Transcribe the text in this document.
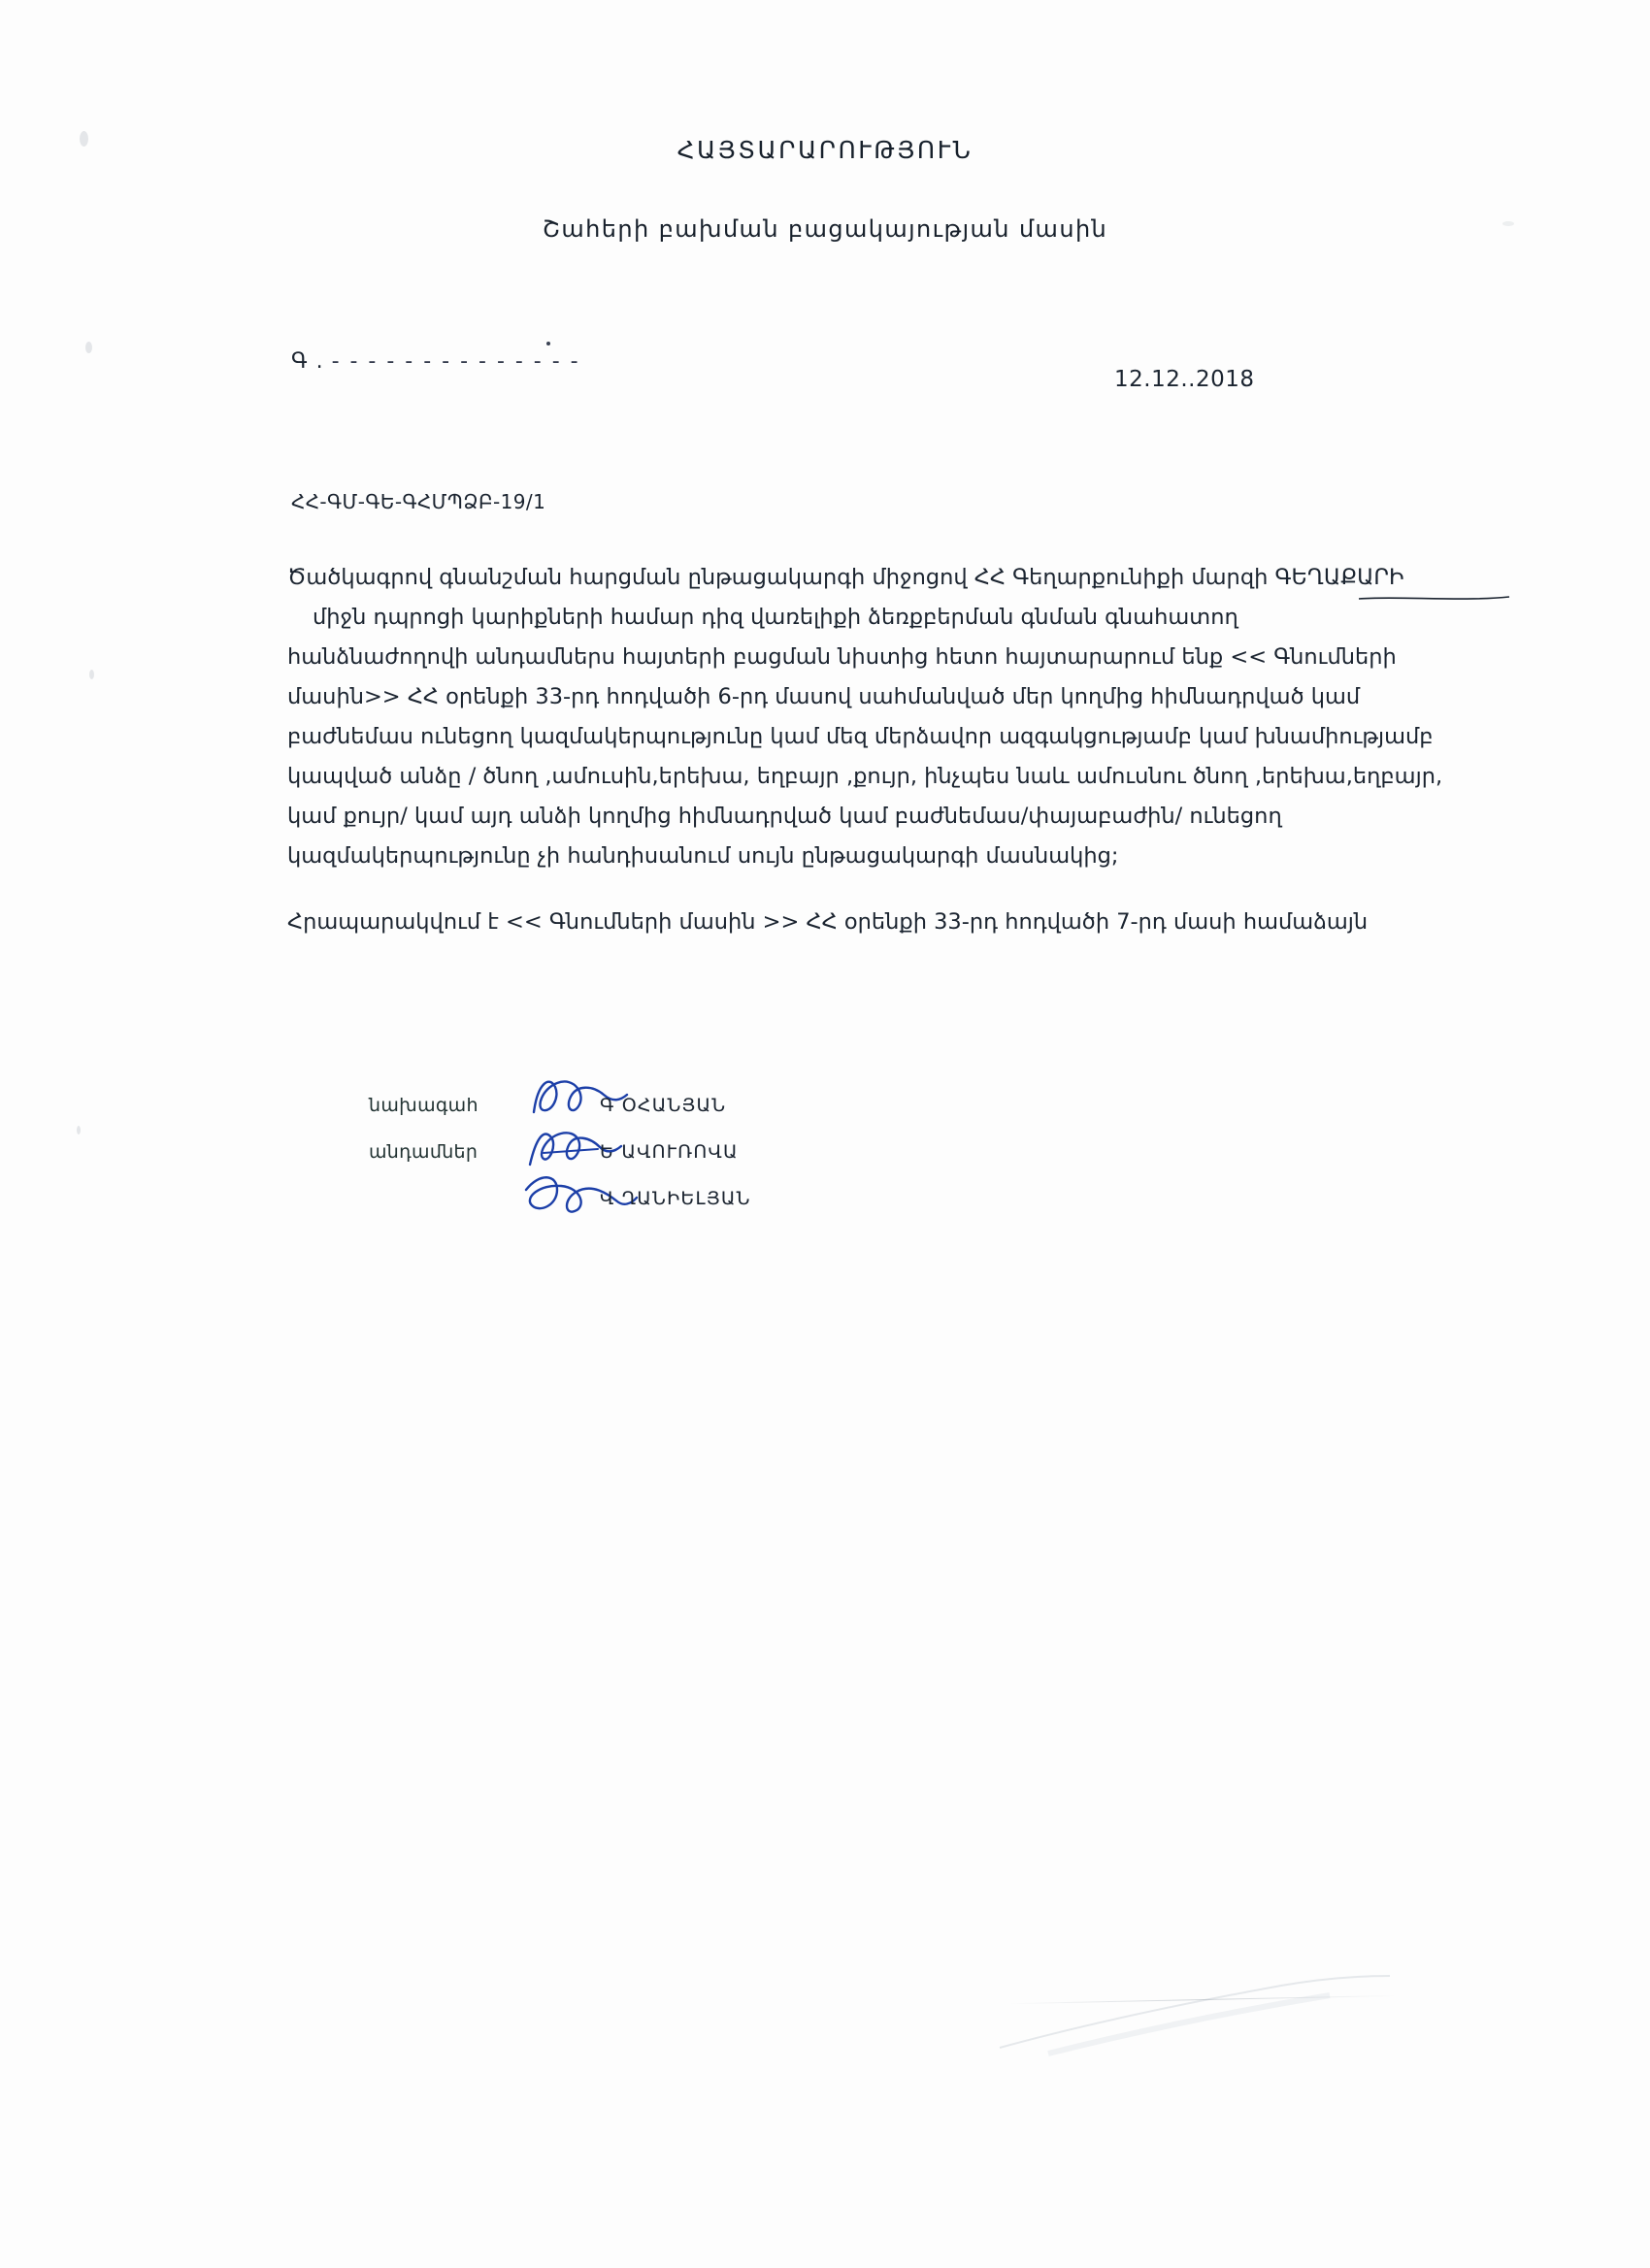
ՀԱՅՏԱՐԱՐՈՒԹՅՈՒՆ
Շահերի բախման բացակայության մասին
Գ . - - - - - - - - - - - - - -
12.12..2018
ՀՀ-ԳՄ-ԳԵ-ԳՀՄՊՁԲ-19/1

Ծածկագրով գնանշման հարցման ընթացակարգի միջոցով ՀՀ Գեղարքունիքի մարզի ԳԵՂԱՔԱՐԻ
միջն դպրոցի կարիքների համար դիզ վառելիքի ձեռքբերման գնման գնահատող
հանձնաժողովի անդամներս հայտերի բացման նիստից հետո հայտարարում ենք << Գնումների
մասին>> ՀՀ օրենքի 33-րդ հոդվածի 6-րդ մասով սահմանված մեր կողմից հիմնադրված կամ
բաժնեմաս ունեցող կազմակերպությունը կամ մեզ մերձավոր ազգակցությամբ կամ խնամիությամբ
կապված անձը / ծնող ,ամուսին,երեխա, եղբայր ,քույր, ինչպես նաև ամուսնու ծնող ,երեխա,եղբայր,
կամ քույր/ կամ այդ անձի կողմից հիմնադրված կամ բաժնեմաս/փայաբաժին/ ունեցող
կազմակերպությունը չի հանդիսանում սույն ընթացակարգի մասնակից;

Հրապարակվում է << Գնումների մասին >> ՀՀ օրենքի 33-րդ հոդվածի 7-րդ մասի համաձայն
նախագահ	Գ ՕՀԱՆՅԱՆ
անդամներ	Ե ԱՎՈՒՌՈՎԱ
Վ ՂԱՆԻԵԼՅԱՆ
